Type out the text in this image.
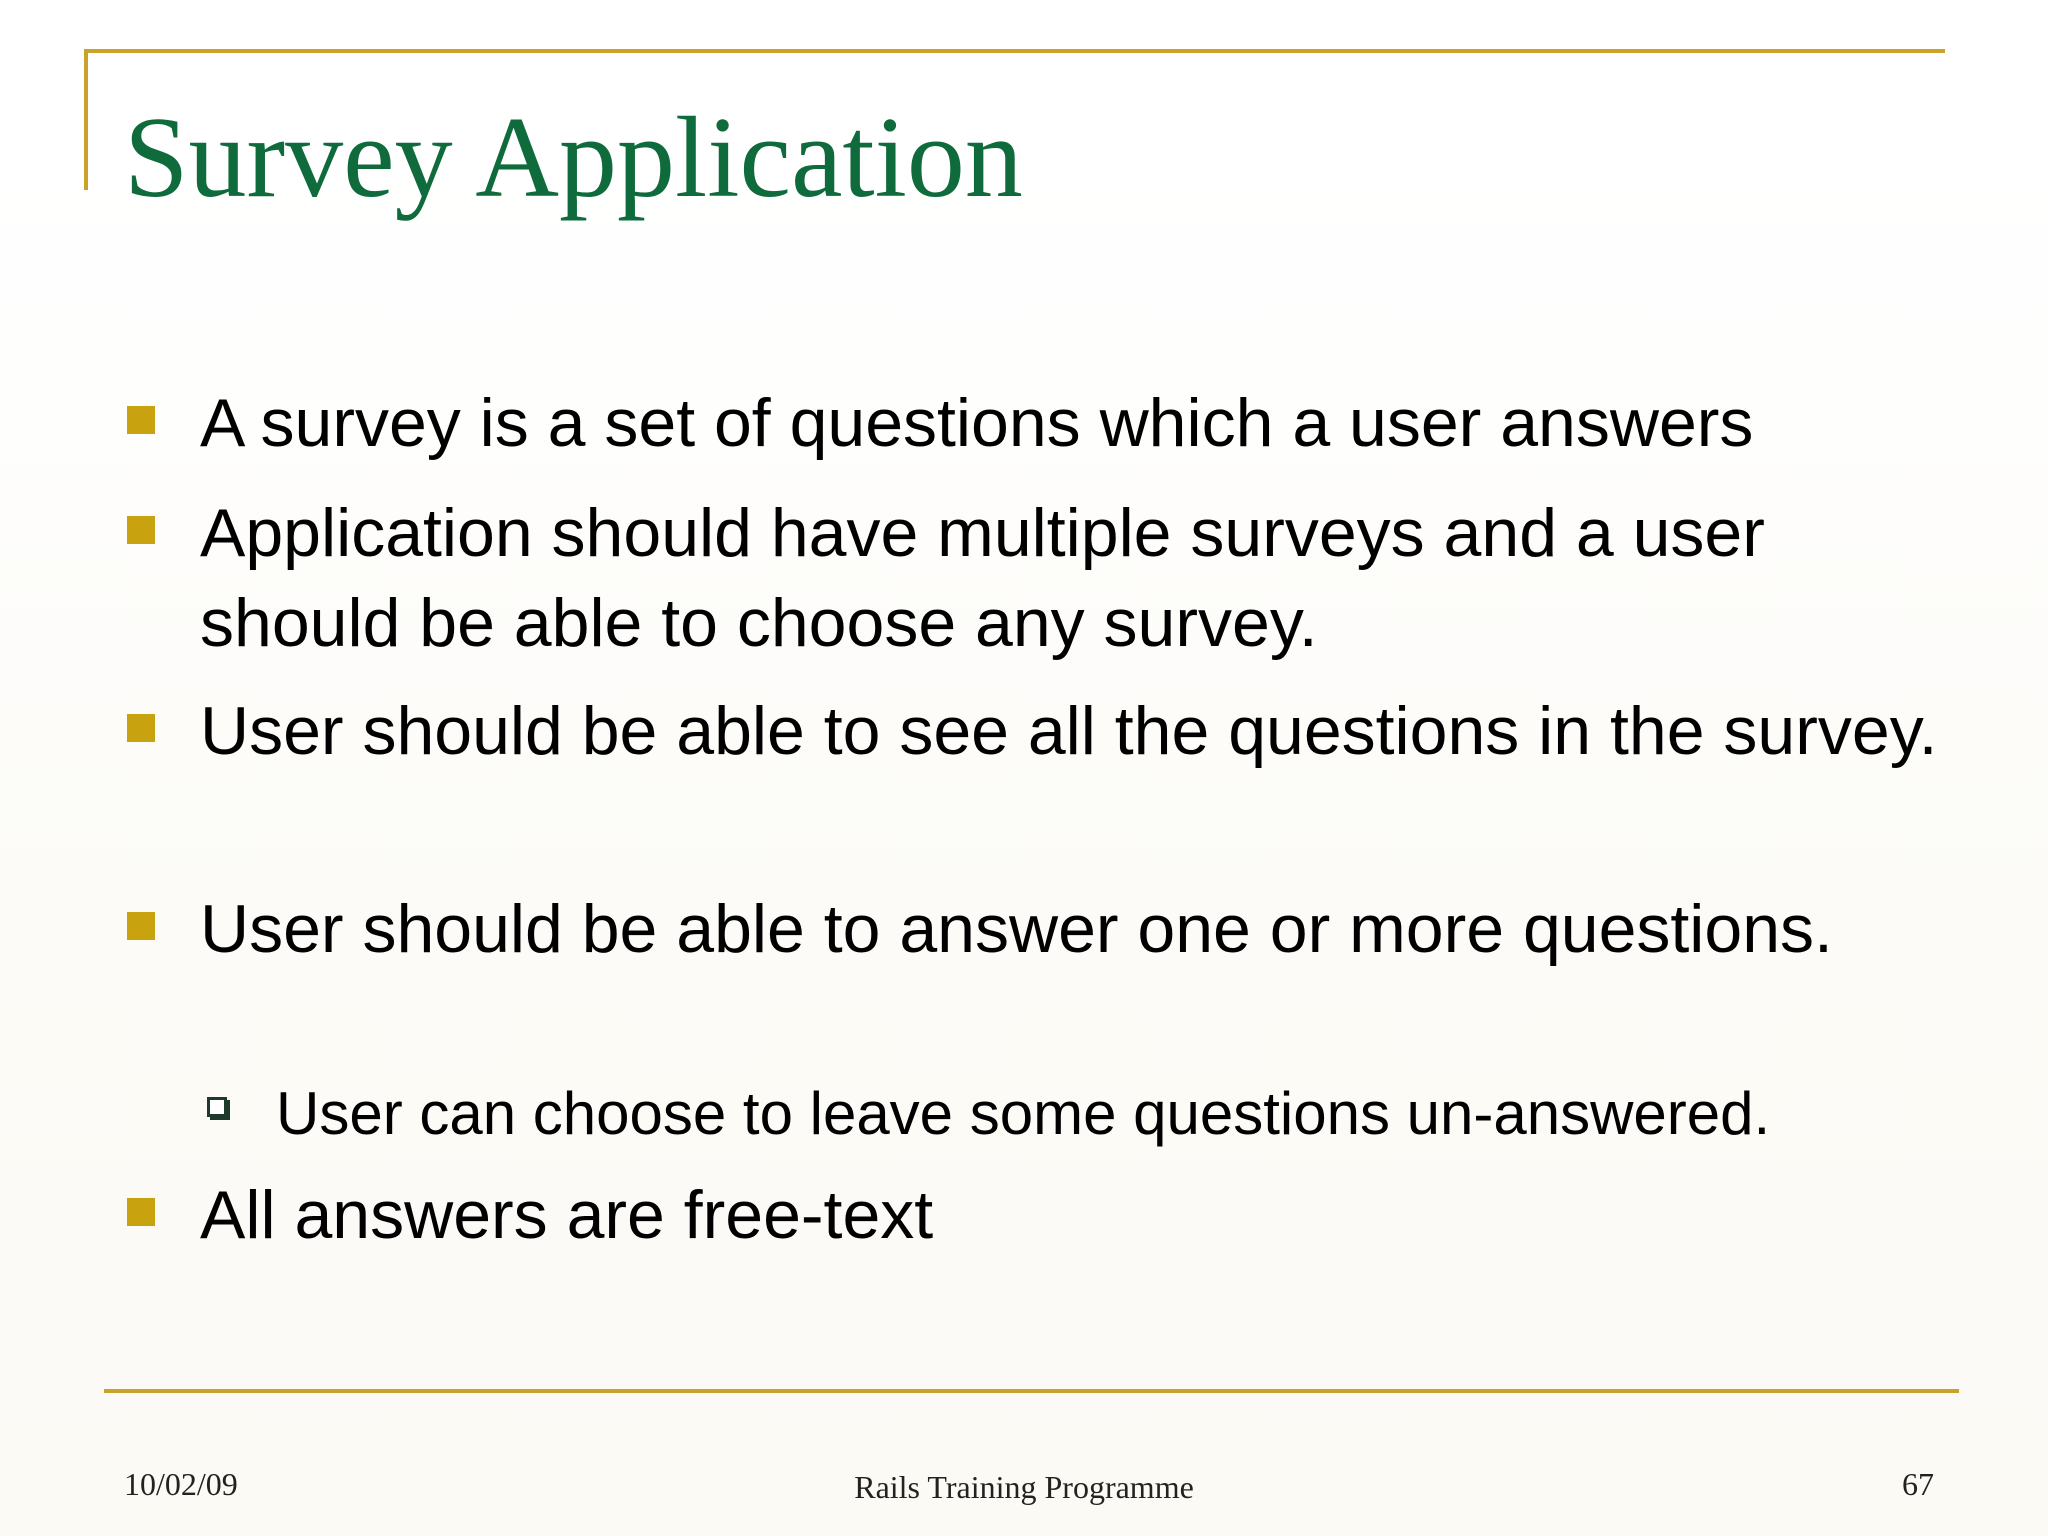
Survey Application
A survey is a set of questions which a user answers
Application should have multiple surveys and a user should be able to choose any survey.
User should be able to see all the questions in the survey.
User should be able to answer one or more questions.
User can choose to leave some questions un-answered.
All answers are free-text
10/02/09	Rails Training Programme	67
